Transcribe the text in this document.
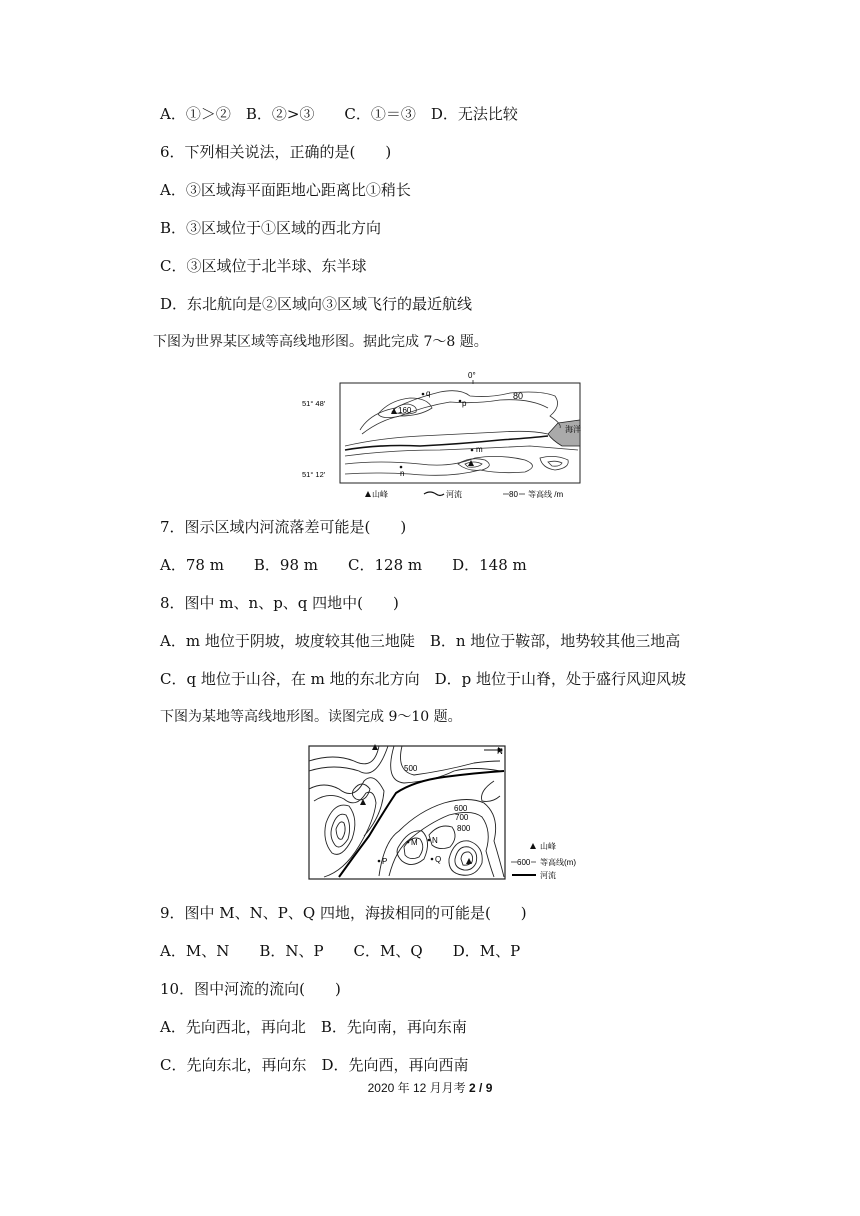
A．①＞②　B．②>③　　C．①＝③　D．无法比较
6．下列相关说法，正确的是(　　)
A．③区域海平面距地心距离比①稍长
B．③区域位于①区域的西北方向
C．③区域位于北半球、东半球
D．东北航向是②区域向③区域飞行的最近航线
下图为世界某区域等高线地形图。据此完成 7～8 题。
0°
51° 48′
51° 12′
海洋
80
160
q
p
m
n
山峰	河流	80 等高线 /m
7．图示区域内河流落差可能是(　　)
A．78 m　　B．98 m　　C．128 m　　D．148 m
8．图中 m、n、p、q 四地中(　　)
A．m 地位于阴坡，坡度较其他三地陡　B．n 地位于鞍部，地势较其他三地高
C．q 地位于山谷，在 m 地的东北方向　D．p 地位于山脊，处于盛行风迎风坡
下图为某地等高线地形图。读图完成 9～10 题。
N
500
600
700
800
M N
P	Q
山峰
600 等高线(m)
河流
9．图中 M、N、P、Q 四地，海拔相同的可能是(　　)
A．M、N　　B．N、P　　C．M、Q　　D．M、P
10．图中河流的流向(　　)
A．先向西北，再向北　B．先向南，再向东南
C．先向东北，再向东　D．先向西，再向西南
2020 年 12 月月考 2 / 9
